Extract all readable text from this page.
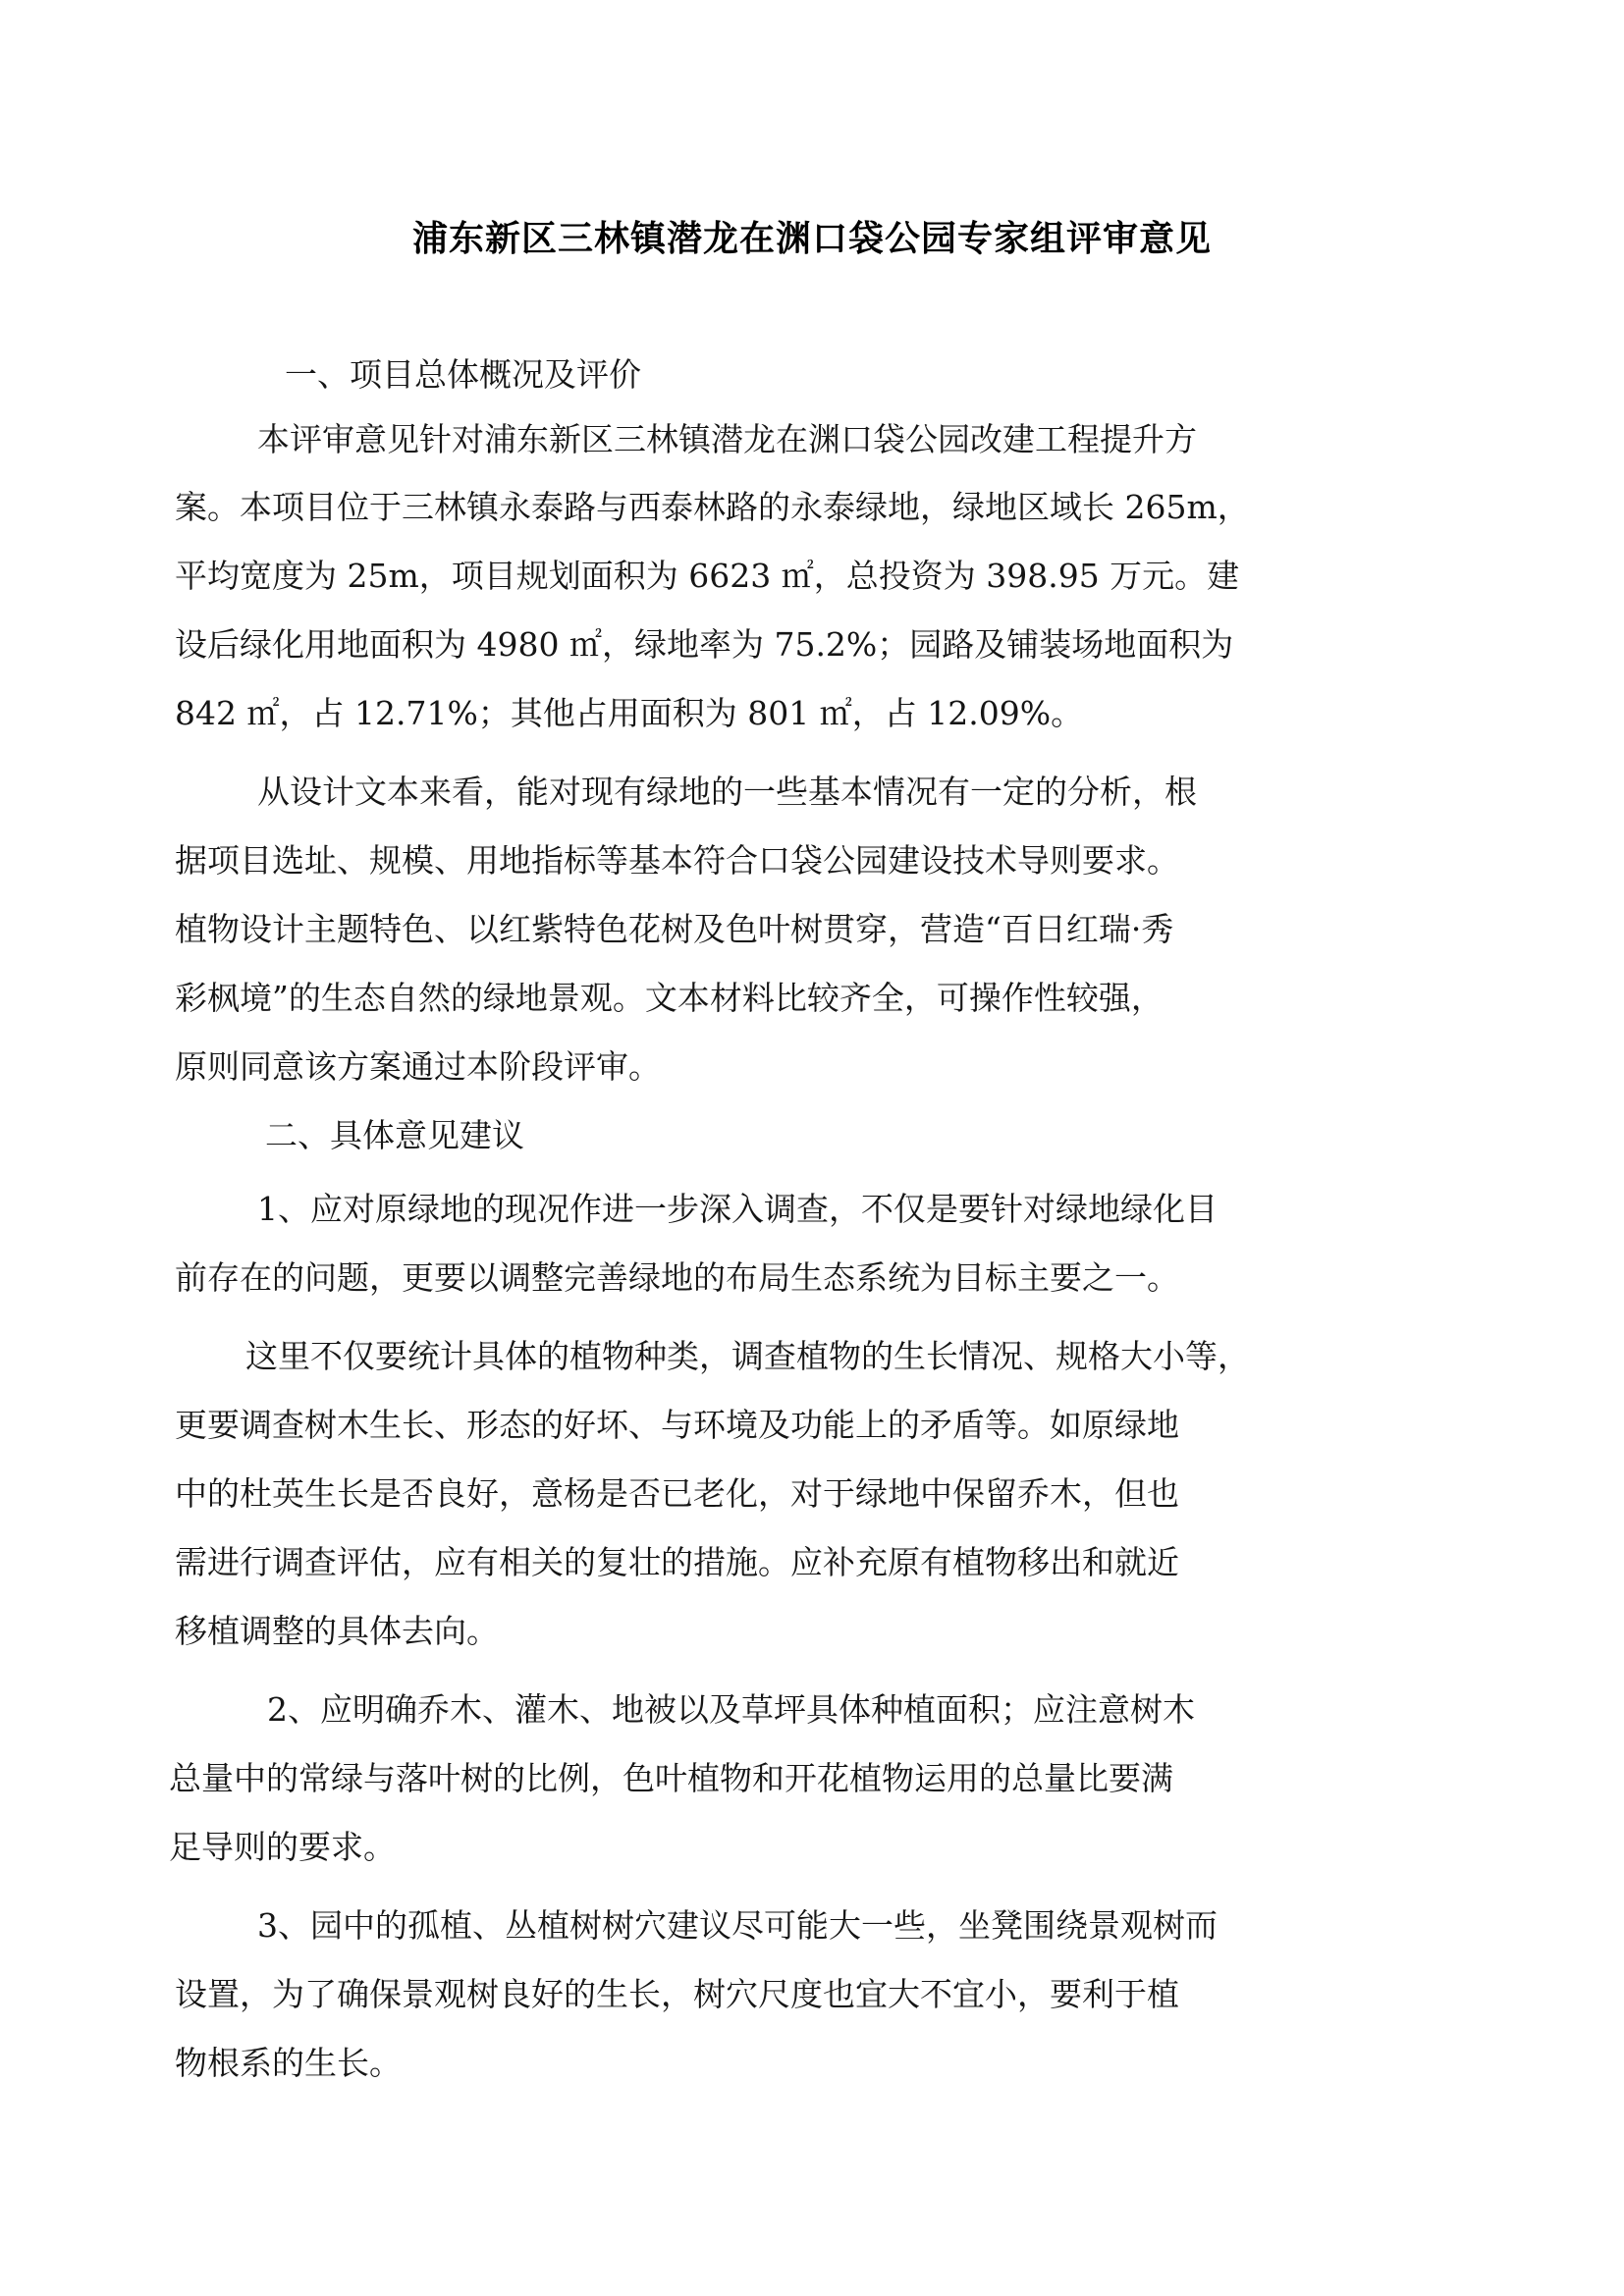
浦东新区三林镇潜龙在渊口袋公园专家组评审意见
一、项目总体概况及评价
本评审意见针对浦东新区三林镇潜龙在渊口袋公园改建工程提升方
案。本项目位于三林镇永泰路与西泰林路的永泰绿地，绿地区域长 265m，
平均宽度为 25m，项目规划面积为 6623 ㎡，总投资为 398.95 万元。建
设后绿化用地面积为 4980 ㎡，绿地率为 75.2%；园路及铺装场地面积为
842 ㎡，占 12.71%；其他占用面积为 801 ㎡，占 12.09%。
从设计文本来看，能对现有绿地的一些基本情况有一定的分析，根
据项目选址、规模、用地指标等基本符合口袋公园建设技术导则要求。
植物设计主题特色、以红紫特色花树及色叶树贯穿，营造“百日红瑞·秀
彩枫境”的生态自然的绿地景观。文本材料比较齐全，可操作性较强，
原则同意该方案通过本阶段评审。
二、具体意见建议
1、应对原绿地的现况作进一步深入调查，不仅是要针对绿地绿化目
前存在的问题，更要以调整完善绿地的布局生态系统为目标主要之一。
这里不仅要统计具体的植物种类，调查植物的生长情况、规格大小等，
更要调查树木生长、形态的好坏、与环境及功能上的矛盾等。如原绿地
中的杜英生长是否良好，意杨是否已老化，对于绿地中保留乔木，但也
需进行调查评估，应有相关的复壮的措施。应补充原有植物移出和就近
移植调整的具体去向。
2、应明确乔木、灌木、地被以及草坪具体种植面积；应注意树木
总量中的常绿与落叶树的比例，色叶植物和开花植物运用的总量比要满
足导则的要求。
3、园中的孤植、丛植树树穴建议尽可能大一些，坐凳围绕景观树而
设置，为了确保景观树良好的生长，树穴尺度也宜大不宜小，要利于植
物根系的生长。
